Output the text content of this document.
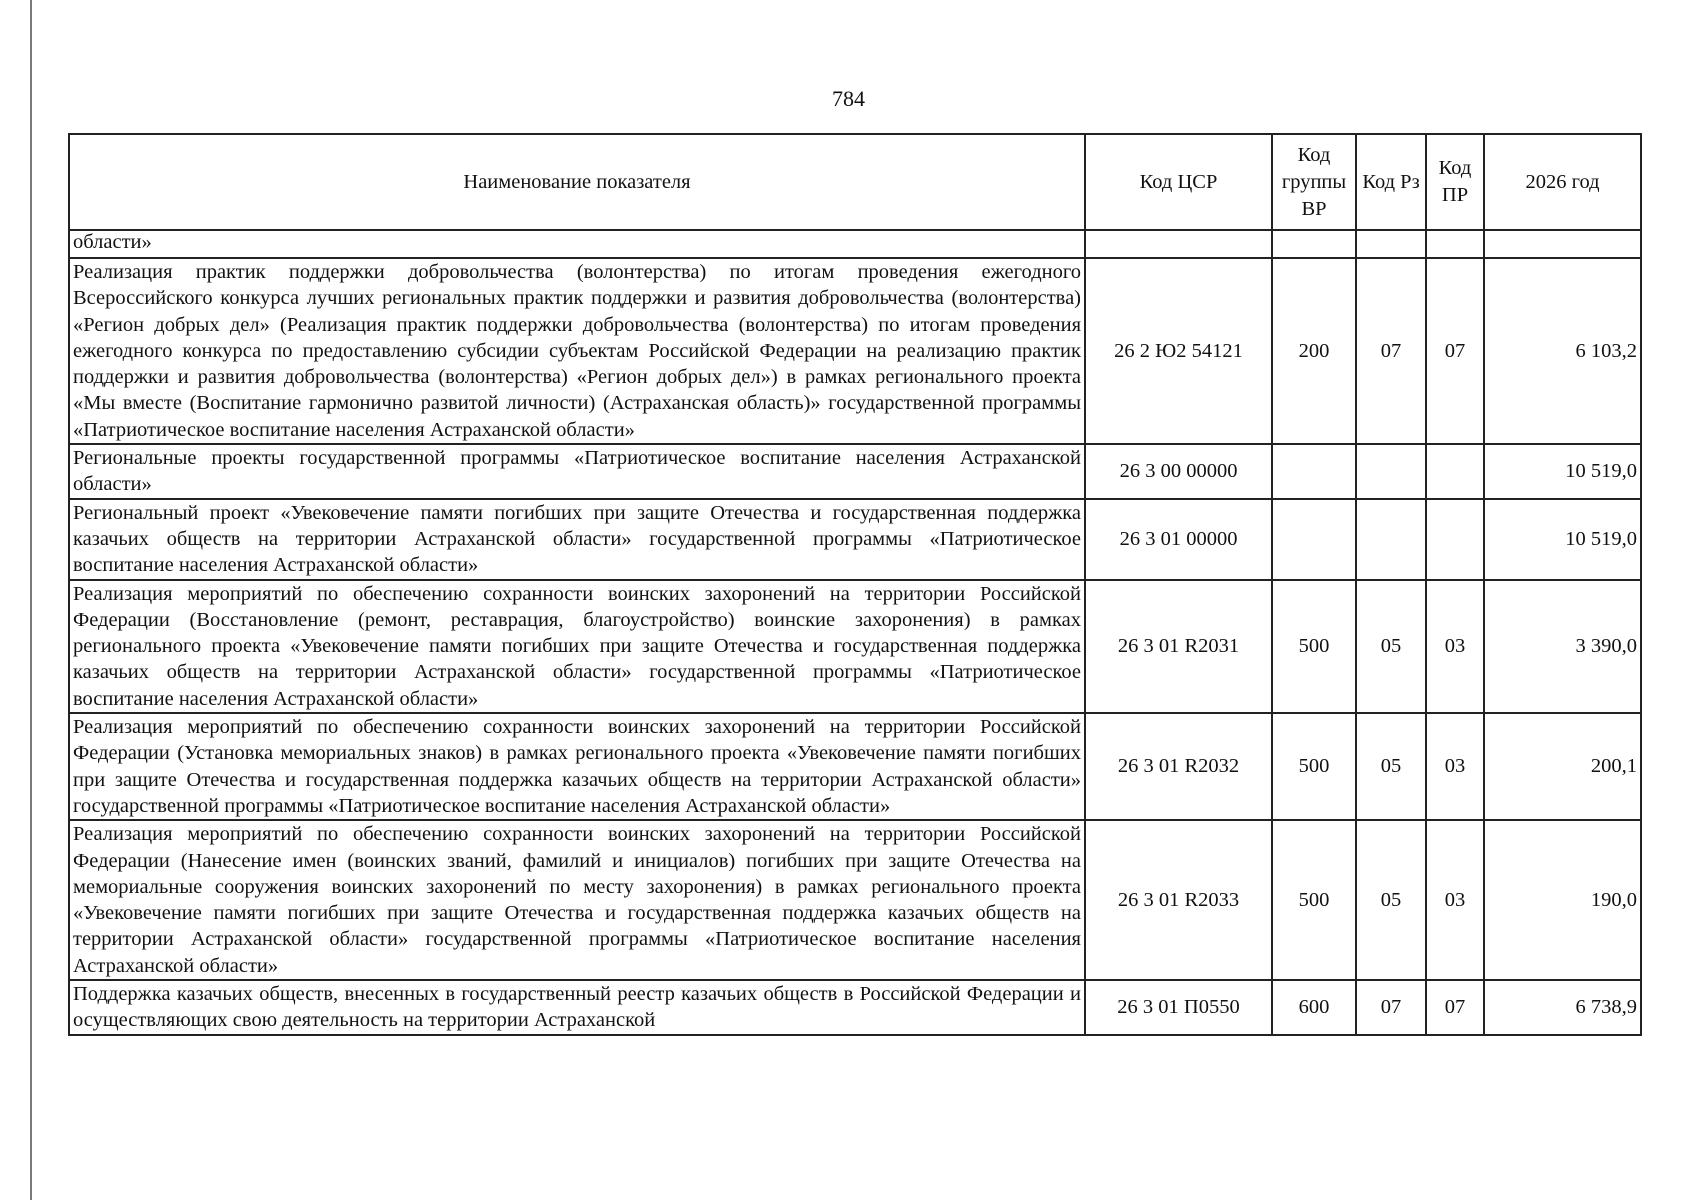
784
Наименование показателя	Код ЦСР	Код группы ВР	Код Рз	Код ПР	2026 год
области»					
Реализация практик поддержки добровольчества (волонтерства) по итогам проведения ежегодного Всероссийского конкурса лучших региональных практик поддержки и развития добровольчества (волонтерства) «Регион добрых дел» (Реализация практик поддержки добровольчества (волонтерства) по итогам проведения ежегодного конкурса по предоставлению субсидии субъектам Российской Федерации на реализацию практик поддержки и развития добровольчества (волонтерства) «Регион добрых дел») в рамках регионального проекта «Мы вместе (Воспитание гармонично развитой личности) (Астраханская область)» государственной программы «Патриотическое воспитание населения Астраханской области»	26 2 Ю2 54121	200	07	07	6 103,2
Региональные проекты государственной программы «Патриотическое воспитание населения Астраханской области»	26 3 00 00000				10 519,0
Региональный проект «Увековечение памяти погибших при защите Отечества и государственная поддержка казачьих обществ на территории Астраханской области» государственной программы «Патриотическое воспитание населения Астраханской области»	26 3 01 00000				10 519,0
Реализация мероприятий по обеспечению сохранности воинских захоронений на территории Российской Федерации (Восстановление (ремонт, реставрация, благоустройство) воинские захоронения) в рамках регионального проекта «Увековечение памяти погибших при защите Отечества и государственная поддержка казачьих обществ на территории Астраханской области» государственной программы «Патриотическое воспитание населения Астраханской области»	26 3 01 R2031	500	05	03	3 390,0
Реализация мероприятий по обеспечению сохранности воинских захоронений на территории Российской Федерации (Установка мемориальных знаков) в рамках регионального проекта «Увековечение памяти погибших при защите Отечества и государственная поддержка казачьих обществ на территории Астраханской области» государственной программы «Патриотическое воспитание населения Астраханской области»	26 3 01 R2032	500	05	03	200,1
Реализация мероприятий по обеспечению сохранности воинских захоронений на территории Российской Федерации (Нанесение имен (воинских званий, фамилий и инициалов) погибших при защите Отечества на мемориальные сооружения воинских захоронений по месту захоронения) в рамках регионального проекта «Увековечение памяти погибших при защите Отечества и государственная поддержка казачьих обществ на территории Астраханской области» государственной программы «Патриотическое воспитание населения Астраханской области»	26 3 01 R2033	500	05	03	190,0
Поддержка казачьих обществ, внесенных в государственный реестр казачьих обществ в Российской Федерации и осуществляющих свою деятельность на территории Астраханской	26 3 01 П0550	600	07	07	6 738,9
